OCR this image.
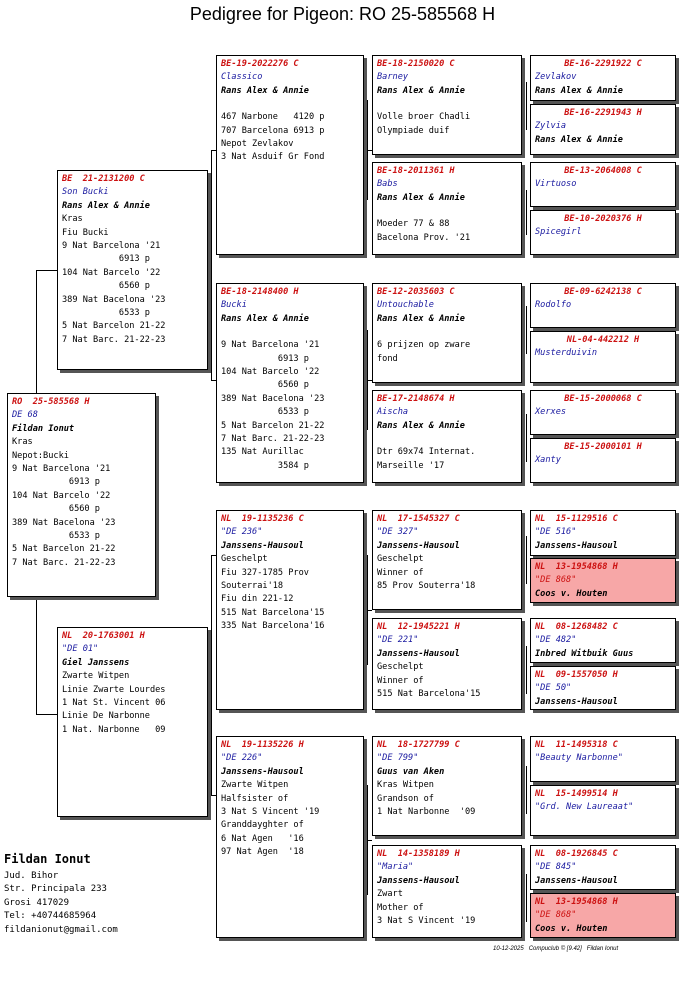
Pedigree for Pigeon: RO 25-585568 H
RO  25-585568 H
DE 68
Fildan Ionut
Kras
Nepot:Bucki
9 Nat Barcelona '21
6913 p
104 Nat Barcelo '22
6560 p
389 Nat Bacelona '23
6533 p
5 Nat Barcelon 21-22
7 Nat Barc. 21-22-23
BE  21-2131200 C
Son Bucki
Rans Alex & Annie
Kras
Fiu Bucki
9 Nat Barcelona '21
6913 p
104 Nat Barcelo '22
6560 p
389 Nat Bacelona '23
6533 p
5 Nat Barcelon 21-22
7 Nat Barc. 21-22-23
NL  20-1763001 H
"DE 01"
Giel Janssens
Zwarte Witpen
Linie Zwarte Lourdes
1 Nat St. Vincent 06
Linie De Narbonne
1 Nat. Narbonne   09
BE-19-2022276 C
Classico
Rans Alex & Annie
467 Narbone   4120 p
707 Barcelona 6913 p
Nepot Zevlakov
3 Nat Asduif Gr Fond
BE-18-2148400 H
Bucki
Rans Alex & Annie
9 Nat Barcelona '21
6913 p
104 Nat Barcelo '22
6560 p
389 Nat Bacelona '23
6533 p
5 Nat Barcelon 21-22
7 Nat Barc. 21-22-23
135 Nat Aurillac
3584 p
NL  19-1135236 C
"DE 236"
Janssens-Hausoul
Geschelpt
Fiu 327-1785 Prov
Souterrai'18
Fiu din 221-12
515 Nat Barcelona'15
335 Nat Barcelona'16
NL  19-1135226 H
"DE 226"
Janssens-Hausoul
Zwarte Witpen
Halfsister of
3 Nat S Vincent '19
Granddayghter of
6 Nat Agen   '16
97 Nat Agen  '18
BE-18-2150020 C
Barney
Rans Alex & Annie
Volle broer Chadli
Olympiade duif
BE-18-2011361 H
Babs
Rans Alex & Annie
Moeder 77 & 88
Bacelona Prov. '21
BE-12-2035603 C
Untouchable
Rans Alex & Annie
6 prijzen op zware
fond
BE-17-2148674 H
Aischa
Rans Alex & Annie
Dtr 69x74 Internat.
Marseille '17
NL  17-1545327 C
"DE 327"
Janssens-Hausoul
Geschelpt
Winner of
85 Prov Souterra'18
NL  12-1945221 H
"DE 221"
Janssens-Hausoul
Geschelpt
Winner of
515 Nat Barcelona'15
NL  18-1727799 C
"DE 799"
Guus van Aken
Kras Witpen
Grandson of
1 Nat Narbonne  '09
NL  14-1358189 H
"Maria"
Janssens-Hausoul
Zwart
Mother of
3 Nat S Vincent '19
BE-16-2291922 C
Zevlakov
Rans Alex & Annie
BE-16-2291943 H
Zylvia
Rans Alex & Annie
BE-13-2064008 C
Virtuoso
BE-10-2020376 H
Spicegirl
BE-09-6242138 C
Rodolfo
NL-04-442212 H
Musterduivin
BE-15-2000068 C
Xerxes
BE-15-2000101 H
Xanty
NL  15-1129516 C
"DE 516"
Janssens-Hausoul
NL  13-1954868 H
"DE 868"
Coos v. Houten
NL  08-1268482 C
"DE 482"
Inbred Witbuik Guus
NL  09-1557050 H
"DE 50"
Janssens-Hausoul
NL  11-1495318 C
"Beauty Narbonne"
NL  15-1499514 H
"Grd. New Laureaat"
NL  08-1926845 C
"DE 845"
Janssens-Hausoul
NL  13-1954868 H
"DE 868"
Coos v. Houten
Fildan Ionut
Jud. Bihor
Str. Principala 233
Grosi 417029
Tel: +40744685964
fildanionut@gmail.com
10-12-2025   Compuclub © [9.42]   Fildan Ionut
